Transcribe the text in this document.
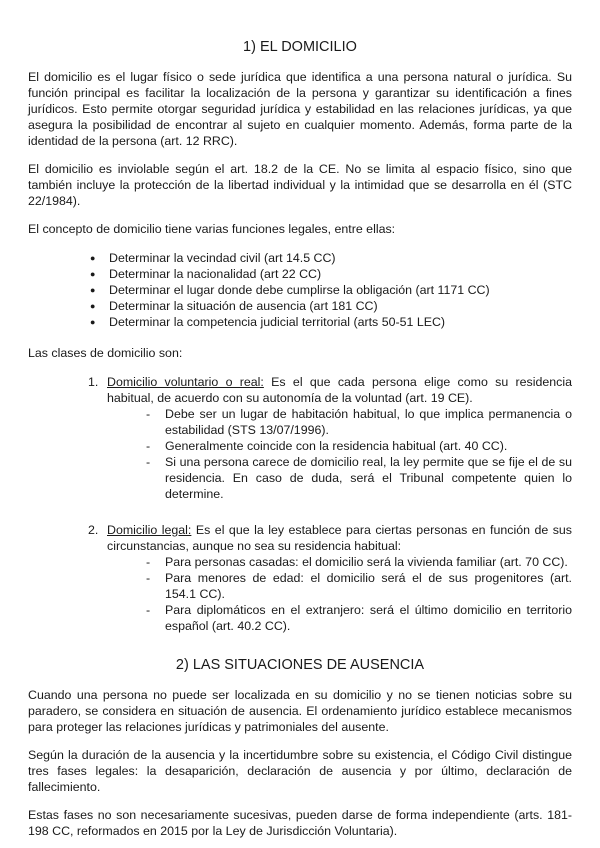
1) EL DOMICILIO

El domicilio es el lugar físico o sede jurídica que identifica a una persona natural o jurídica. Su función principal es facilitar la localización de la persona y garantizar su identificación a fines jurídicos. Esto permite otorgar seguridad jurídica y estabilidad en las relaciones jurídicas, ya que asegura la posibilidad de encontrar al sujeto en cualquier momento. Además, forma parte de la identidad de la persona (art. 12 RRC).

El domicilio es inviolable según el art. 18.2 de la CE. No se limita al espacio físico, sino que también incluye la protección de la libertad individual y la intimidad que se desarrolla en él (STC 22/1984).

El concepto de domicilio tiene varias funciones legales, entre ellas:

● Determinar la vecindad civil (art 14.5 CC)
● Determinar la nacionalidad (art 22 CC)
● Determinar el lugar donde debe cumplirse la obligación (art 1171 CC)
● Determinar la situación de ausencia (art 181 CC)
● Determinar la competencia judicial territorial (arts 50-51 LEC)

Las clases de domicilio son:

1. Domicilio voluntario o real: Es el que cada persona elige como su residencia habitual, de acuerdo con su autonomía de la voluntad (art. 19 CE).
- Debe ser un lugar de habitación habitual, lo que implica permanencia o estabilidad (STS 13/07/1996).
- Generalmente coincide con la residencia habitual (art. 40 CC).
- Si una persona carece de domicilio real, la ley permite que se fije el de su residencia. En caso de duda, será el Tribunal competente quien lo determine.
2. Domicilio legal: Es el que la ley establece para ciertas personas en función de sus circunstancias, aunque no sea su residencia habitual:
- Para personas casadas: el domicilio será la vivienda familiar (art. 70 CC).
- Para menores de edad: el domicilio será el de sus progenitores (art. 154.1 CC).
- Para diplomáticos en el extranjero: será el último domicilio en territorio español (art. 40.2 CC).
2) LAS SITUACIONES DE AUSENCIA

Cuando una persona no puede ser localizada en su domicilio y no se tienen noticias sobre su paradero, se considera en situación de ausencia. El ordenamiento jurídico establece mecanismos para proteger las relaciones jurídicas y patrimoniales del ausente.

Según la duración de la ausencia y la incertidumbre sobre su existencia, el Código Civil distingue tres fases legales: la desaparición, declaración de ausencia y por último, declaración de fallecimiento.

Estas fases no son necesariamente sucesivas, pueden darse de forma independiente (arts. 181-198 CC, reformados en 2015 por la Ley de Jurisdicción Voluntaria).
